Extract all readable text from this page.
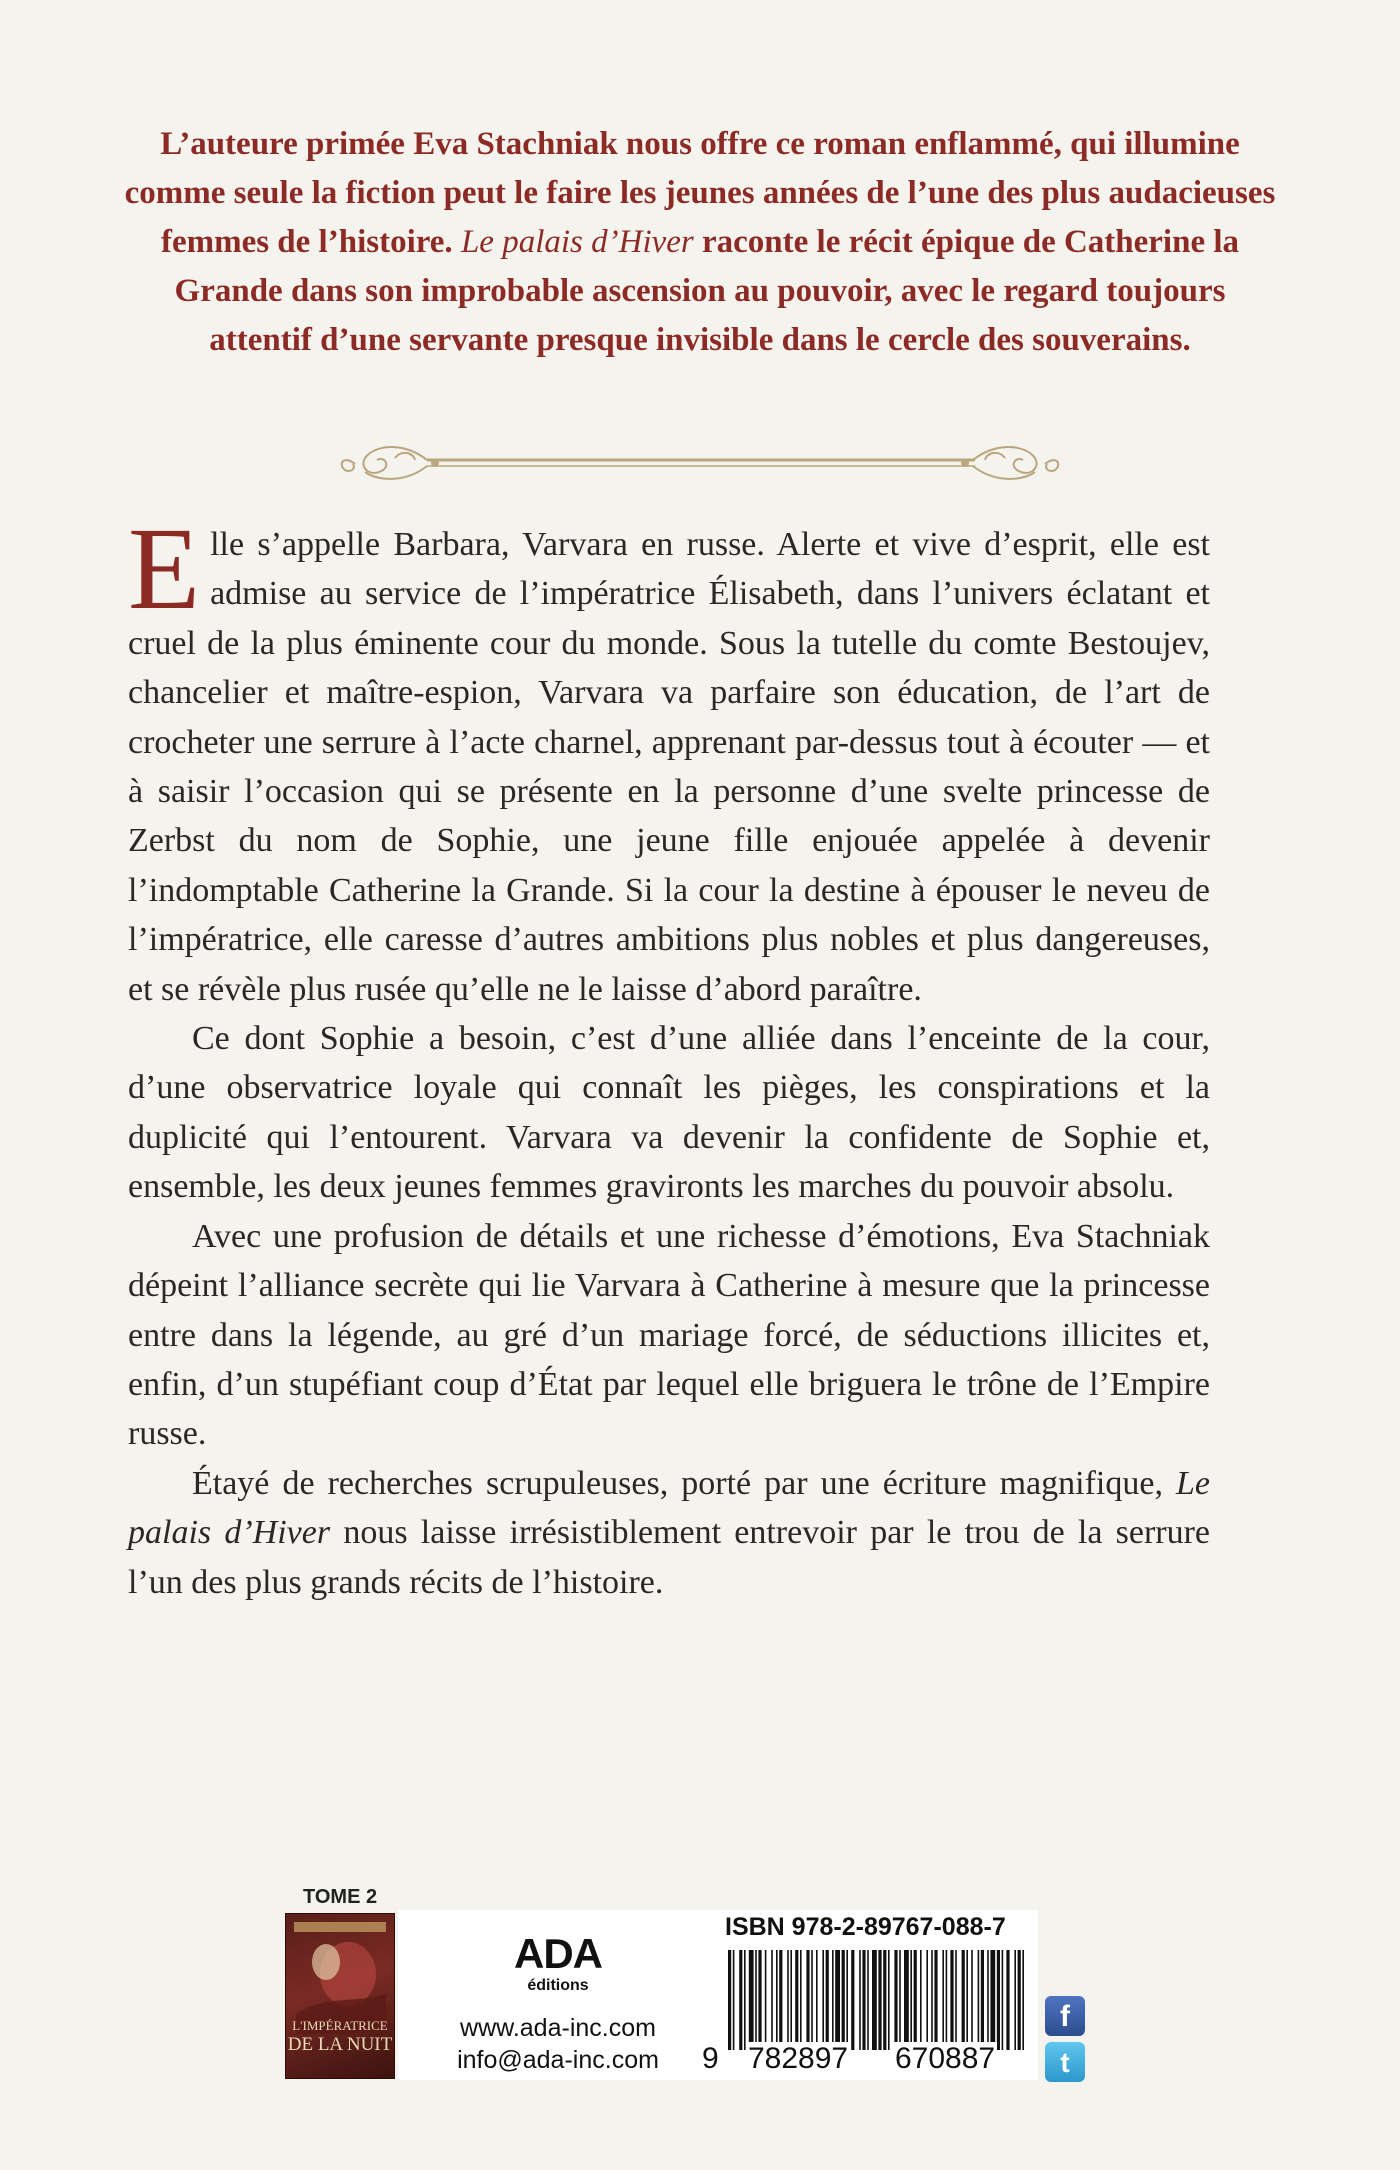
L’auteure primée Eva Stachniak nous offre ce roman enflammé, qui illumine comme seule la fiction peut le faire les jeunes années de l’une des plus audacieuses femmes de l’histoire. Le palais d’Hiver raconte le récit épique de Catherine la Grande dans son improbable ascension au pouvoir, avec le regard toujours attentif d’une servante presque invisible dans le cercle des souverains.

Elle s’appelle Barbara, Varvara en russe. Alerte et vive d’esprit, elle est admise au service de l’impératrice Élisabeth, dans l’univers éclatant et cruel de la plus éminente cour du monde. Sous la tutelle du comte Bestoujev, chancelier et maître-espion, Varvara va parfaire son éducation, de l’art de crocheter une serrure à l’acte charnel, apprenant par-dessus tout à écouter — et à saisir l’occasion qui se présente en la personne d’une svelte princesse de Zerbst du nom de Sophie, une jeune fille enjouée appelée à devenir l’indomptable Catherine la Grande. Si la cour la destine à épouser le neveu de l’impératrice, elle caresse d’autres ambitions plus nobles et plus dangereuses, et se révèle plus rusée qu’elle ne le laisse d’abord paraître.

Ce dont Sophie a besoin, c’est d’une alliée dans l’enceinte de la cour, d’une observatrice loyale qui connaît les pièges, les conspirations et la duplicité qui l’entourent. Varvara va devenir la confidente de Sophie et, ensemble, les deux jeunes femmes gravironts les marches du pouvoir absolu.

Avec une profusion de détails et une richesse d’émotions, Eva Stachniak dépeint l’alliance secrète qui lie Varvara à Catherine à mesure que la princesse entre dans la légende, au gré d’un mariage forcé, de séductions illicites et, enfin, d’un stupéfiant coup d’État par lequel elle briguera le trône de l’Empire russe.

Étayé de recherches scrupuleuses, porté par une écriture magnifique, Le palais d’Hiver nous laisse irrésistiblement entrevoir par le trou de la serrure l’un des plus grands récits de l’histoire.

TOME 2
L'IMPÉRATRICE
DE LA NUIT
ADA
éditions
www.ada-inc.com
info@ada-inc.com
ISBN 978-2-89767-088-7
9 782897 670887
f
t
